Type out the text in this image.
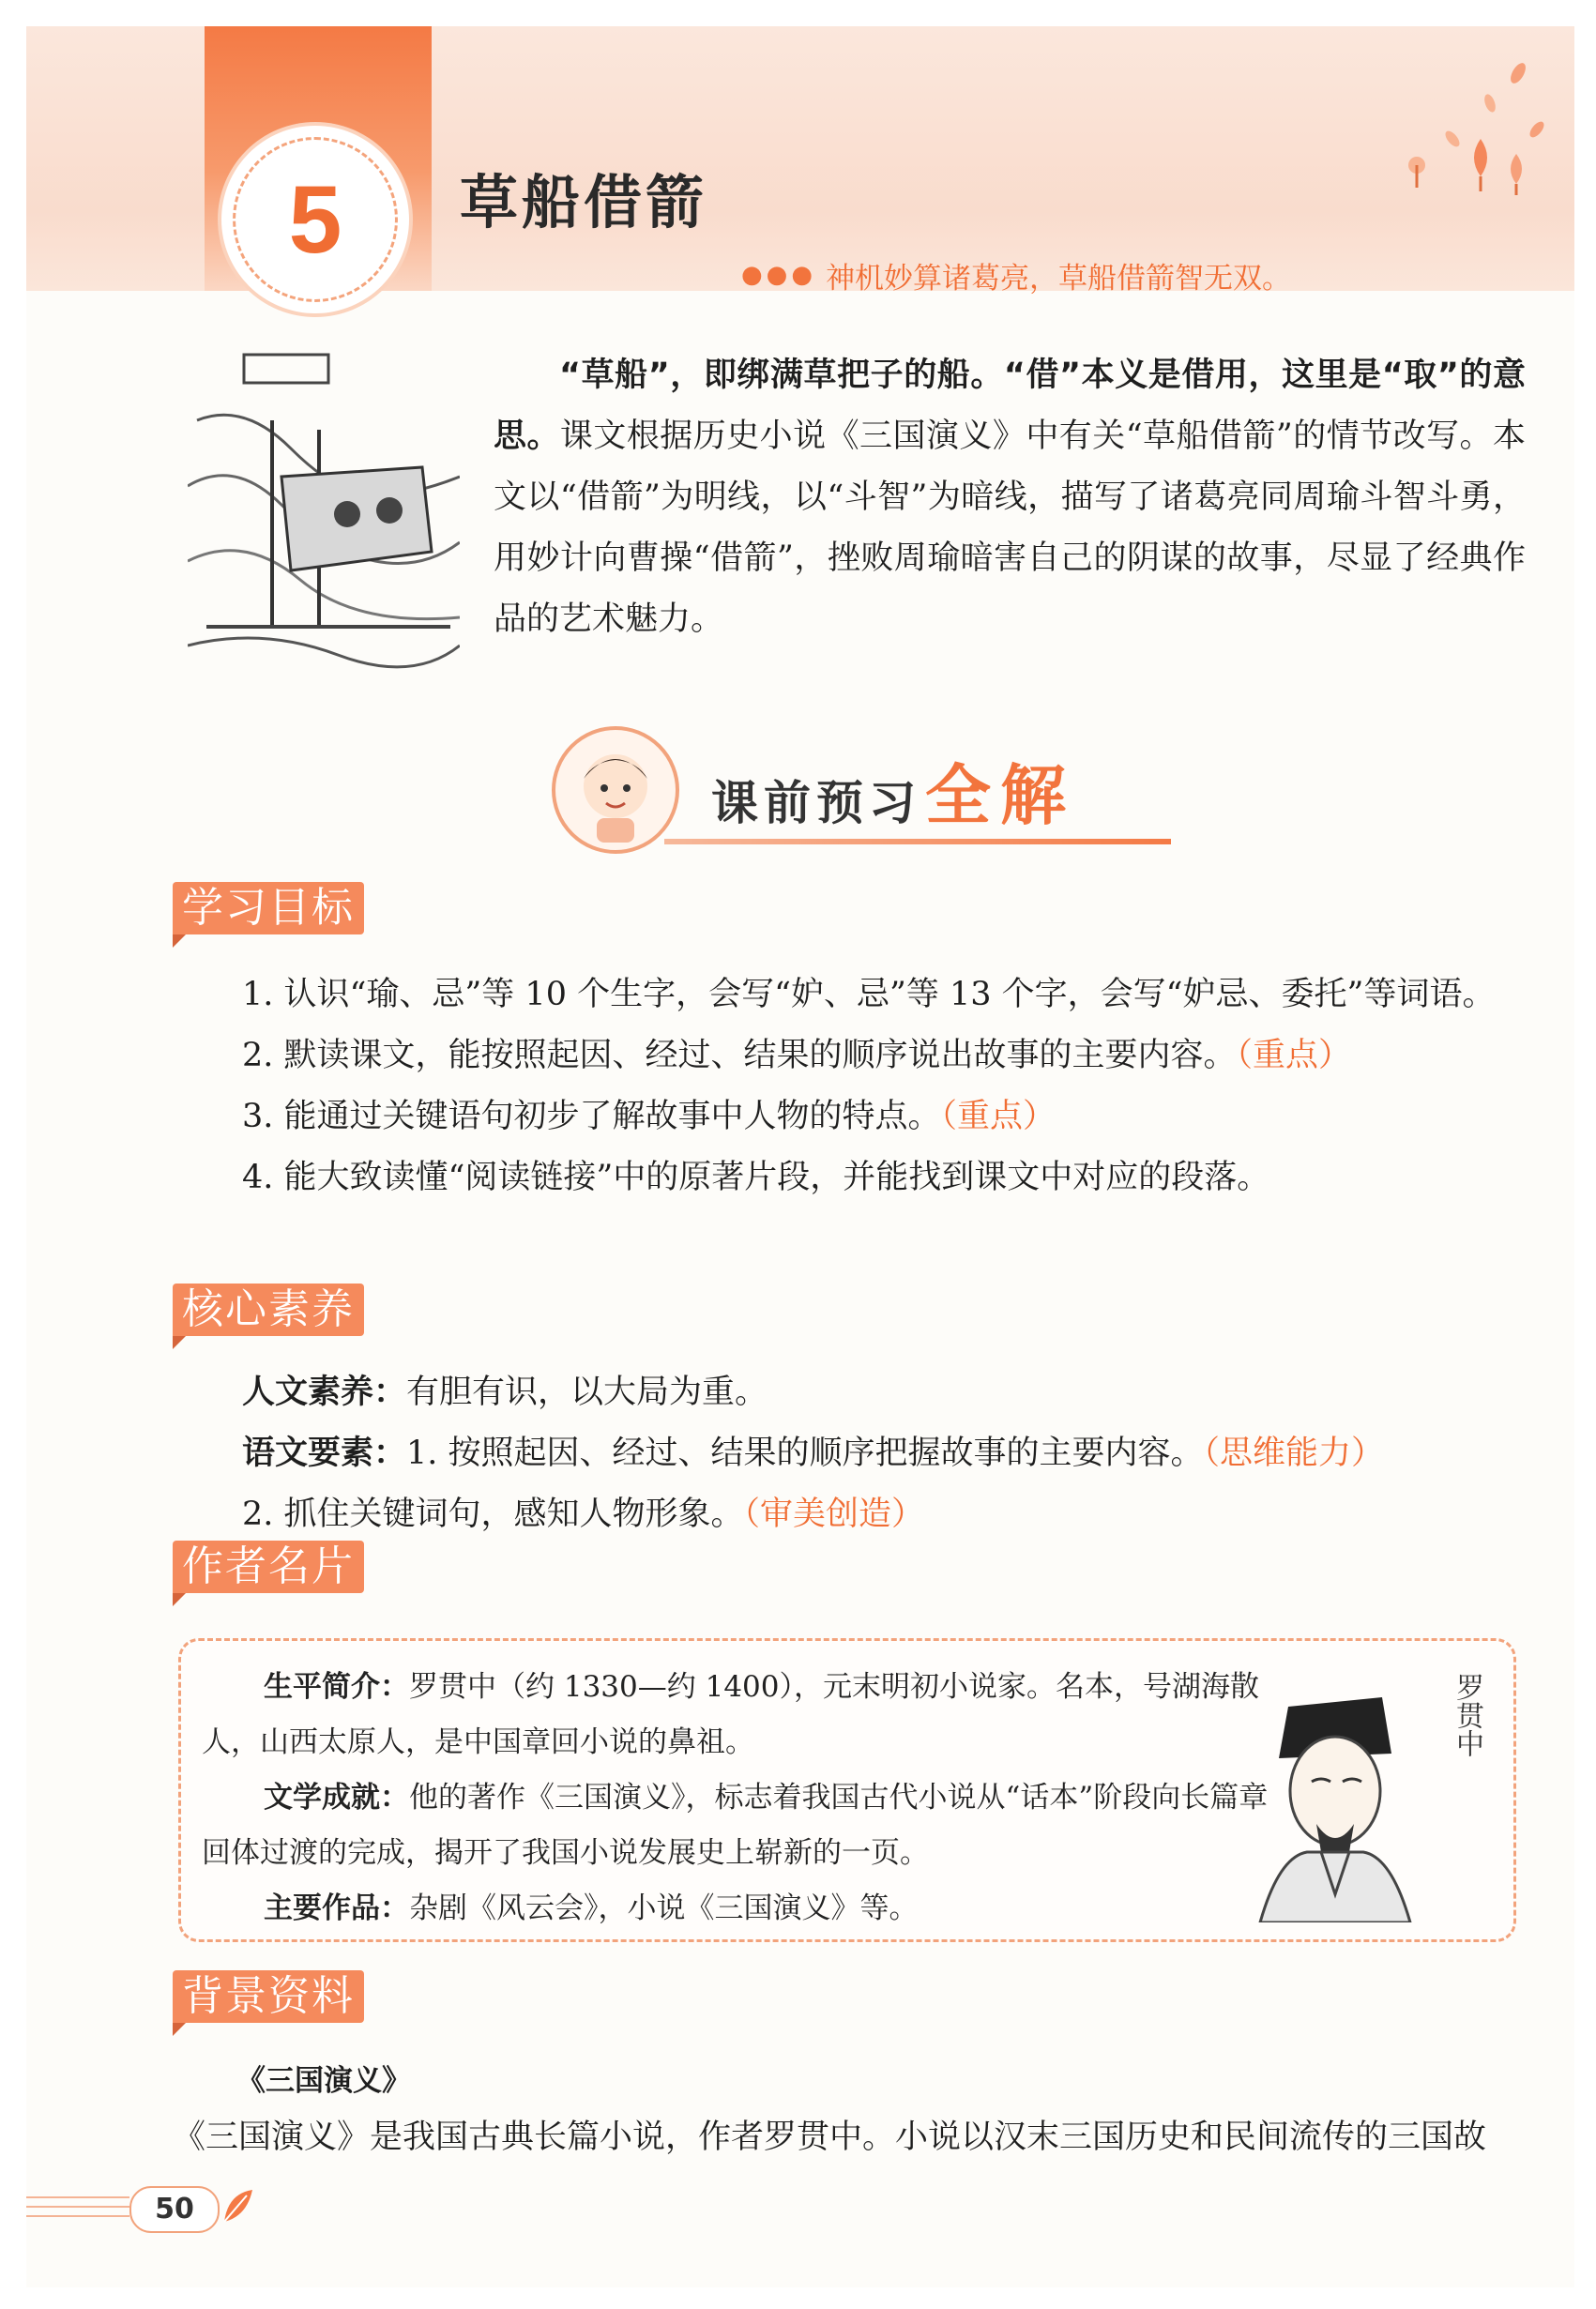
5	草船借箭
●●● 神机妙算诸葛亮，草船借箭智无双。
“草船”，即绑满草把子的船。“借”本义是借用，这里是“取”的意思。课文根据历史小说《三国演义》中有关“草船借箭”的情节改写。本文以“借箭”为明线，以“斗智”为暗线，描写了诸葛亮同周瑜斗智斗勇，用妙计向曹操“借箭”，挫败周瑜暗害自己的阴谋的故事，尽显了经典作品的艺术魅力。
课前预习 全解
学习目标
1. 认识“瑜、忌”等 10 个生字，会写“妒、忌”等 13 个字，会写“妒忌、委托”等词语。
2. 默读课文，能按照起因、经过、结果的顺序说出故事的主要内容。（重点）
3. 能通过关键语句初步了解故事中人物的特点。（重点）
4. 能大致读懂“阅读链接”中的原著片段，并能找到课文中对应的段落。
核心素养
人文素养：有胆有识，以大局为重。
语文要素：1. 按照起因、经过、结果的顺序把握故事的主要内容。（思维能力）
2. 抓住关键词句，感知人物形象。（审美创造）
作者名片
生平简介：罗贯中（约 1330—约 1400），元末明初小说家。名本，号湖海散人，山西太原人，是中国章回小说的鼻祖。
文学成就：他的著作《三国演义》，标志着我国古代小说从“话本”阶段向长篇章回体过渡的完成，揭开了我国小说发展史上崭新的一页。
主要作品：杂剧《风云会》，小说《三国演义》等。
罗贯中
背景资料
《三国演义》
《三国演义》是我国古典长篇小说，作者罗贯中。小说以汉末三国历史和民间流传的三国故
50
